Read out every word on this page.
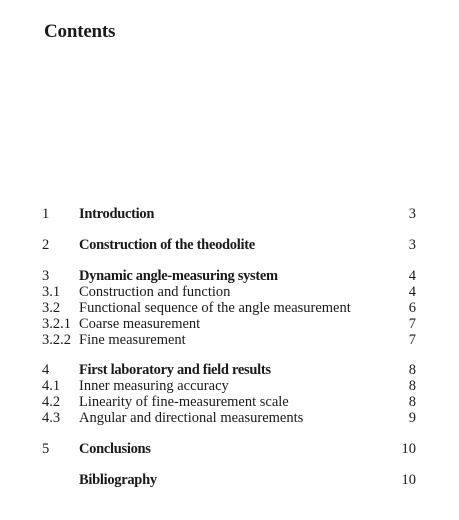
Contents
1 Introduction	3
2 Construction of the theodolite	3
3 Dynamic angle-measuring system	4
3.1 Construction and function	4
3.2 Functional sequence of the angle measurement	6
3.2.1 Coarse measurement	7
3.2.2 Fine measurement	7
4 First laboratory and field results	8
4.1 Inner measuring accuracy	8
4.2 Linearity of fine-measurement scale	8
4.3 Angular and directional measurements	9
5 Conclusions	10
Bibliography	10
